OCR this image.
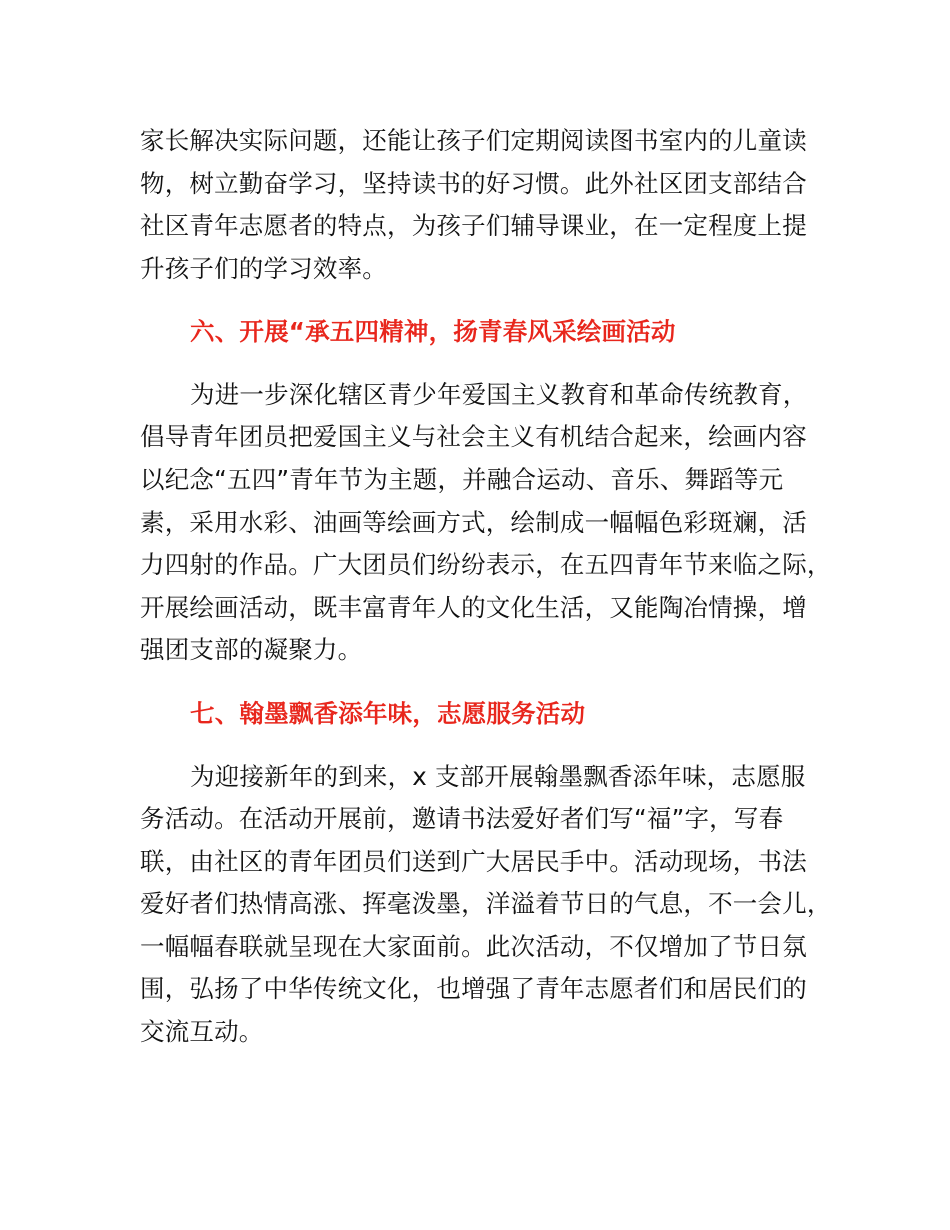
家长解决实际问题，还能让孩子们定期阅读图书室内的儿童读

物，树立勤奋学习，坚持读书的好习惯。此外社区团支部结合

社区青年志愿者的特点，为孩子们辅导课业，在一定程度上提

升孩子们的学习效率。

六、开展“承五四精神，扬青春风采绘画活动

为进一步深化辖区青少年爱国主义教育和革命传统教育，

倡导青年团员把爱国主义与社会主义有机结合起来，绘画内容

以纪念“五四”青年节为主题，并融合运动、音乐、舞蹈等元

素，采用水彩、油画等绘画方式，绘制成一幅幅色彩斑斓，活

力四射的作品。广大团员们纷纷表示，在五四青年节来临之际，

开展绘画活动，既丰富青年人的文化生活，又能陶冶情操，增

强团支部的凝聚力。

七、翰墨飘香添年味，志愿服务活动

为迎接新年的到来，x 支部开展翰墨飘香添年味，志愿服

务活动。在活动开展前，邀请书法爱好者们写“福”字，写春

联，由社区的青年团员们送到广大居民手中。活动现场，书法

爱好者们热情高涨、挥毫泼墨，洋溢着节日的气息，不一会儿，

一幅幅春联就呈现在大家面前。此次活动，不仅增加了节日氛

围，弘扬了中华传统文化，也增强了青年志愿者们和居民们的

交流互动。
